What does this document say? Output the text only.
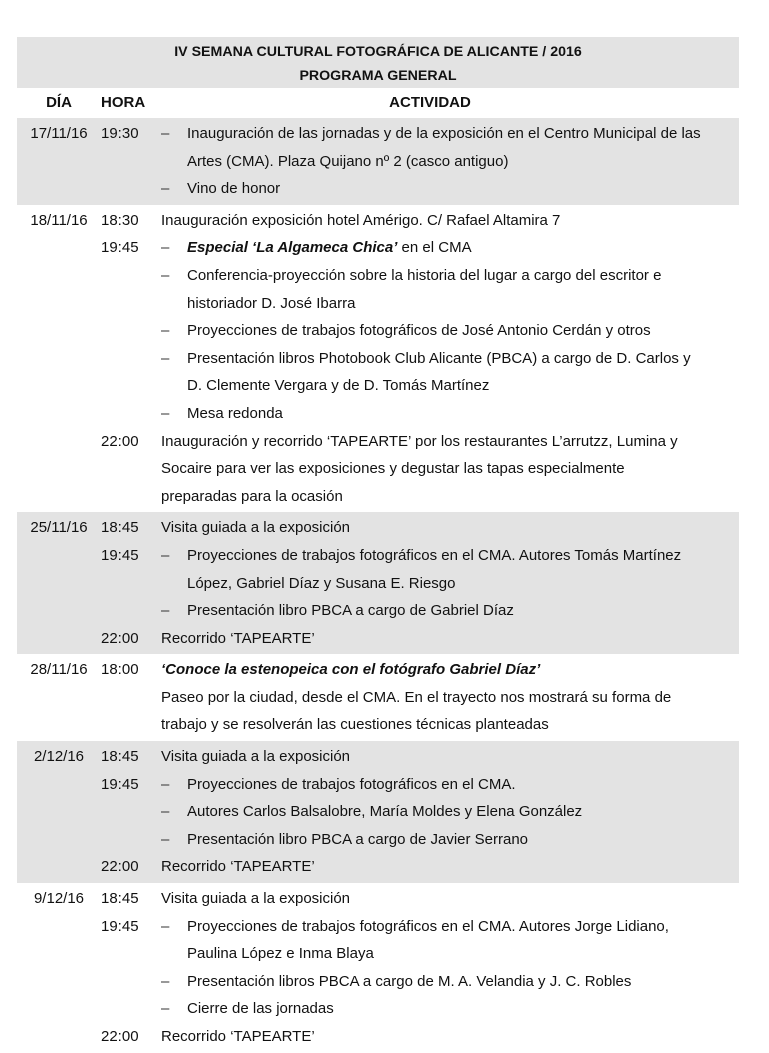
IV SEMANA CULTURAL FOTOGRÁFICA DE ALICANTE / 2016
PROGRAMA GENERAL
DÍA	HORA	ACTIVIDAD
17/11/16 19:30	–	Inauguración de las jornadas y de la exposición en el Centro Municipal de las
Artes (CMA). Plaza Quijano nº 2 (casco antiguo)
–	Vino de honor
18/11/16 18:30	Inauguración exposición hotel Amérigo. C/ Rafael Altamira 7
19:45	–	Especial ‘La Algameca Chica’ en el CMA
–	Conferencia-proyección sobre la historia del lugar a cargo del escritor e
historiador D. José Ibarra
–	Proyecciones de trabajos fotográficos de José Antonio Cerdán y otros
–	Presentación libros Photobook Club Alicante (PBCA) a cargo de D. Carlos y
D. Clemente Vergara y de D. Tomás Martínez
–	Mesa redonda
22:00	Inauguración y recorrido ‘TAPEARTE’ por los restaurantes L’arrutzz, Lumina y
Socaire para ver las exposiciones y degustar las tapas especialmente
preparadas para la ocasión
25/11/16 18:45	Visita guiada a la exposición
19:45	–	Proyecciones de trabajos fotográficos en el CMA. Autores Tomás Martínez
López, Gabriel Díaz y Susana E. Riesgo
–	Presentación libro PBCA a cargo de Gabriel Díaz
22:00	Recorrido ‘TAPEARTE’
28/11/16 18:00	‘Conoce la estenopeica con el fotógrafo Gabriel Díaz’
Paseo por la ciudad, desde el CMA. En el trayecto nos mostrará su forma de
trabajo y se resolverán las cuestiones técnicas planteadas
2/12/16	18:45	Visita guiada a la exposición
19:45	–	Proyecciones de trabajos fotográficos en el CMA.
–	Autores Carlos Balsalobre, María Moldes y Elena González
–	Presentación libro PBCA a cargo de Javier Serrano
22:00	Recorrido ‘TAPEARTE’
9/12/16	18:45	Visita guiada a la exposición
19:45	–	Proyecciones de trabajos fotográficos en el CMA. Autores Jorge Lidiano,
Paulina López e Inma Blaya
–	Presentación libros PBCA a cargo de M. A. Velandia y J. C. Robles
–	Cierre de las jornadas
22:00	Recorrido ‘TAPEARTE’
